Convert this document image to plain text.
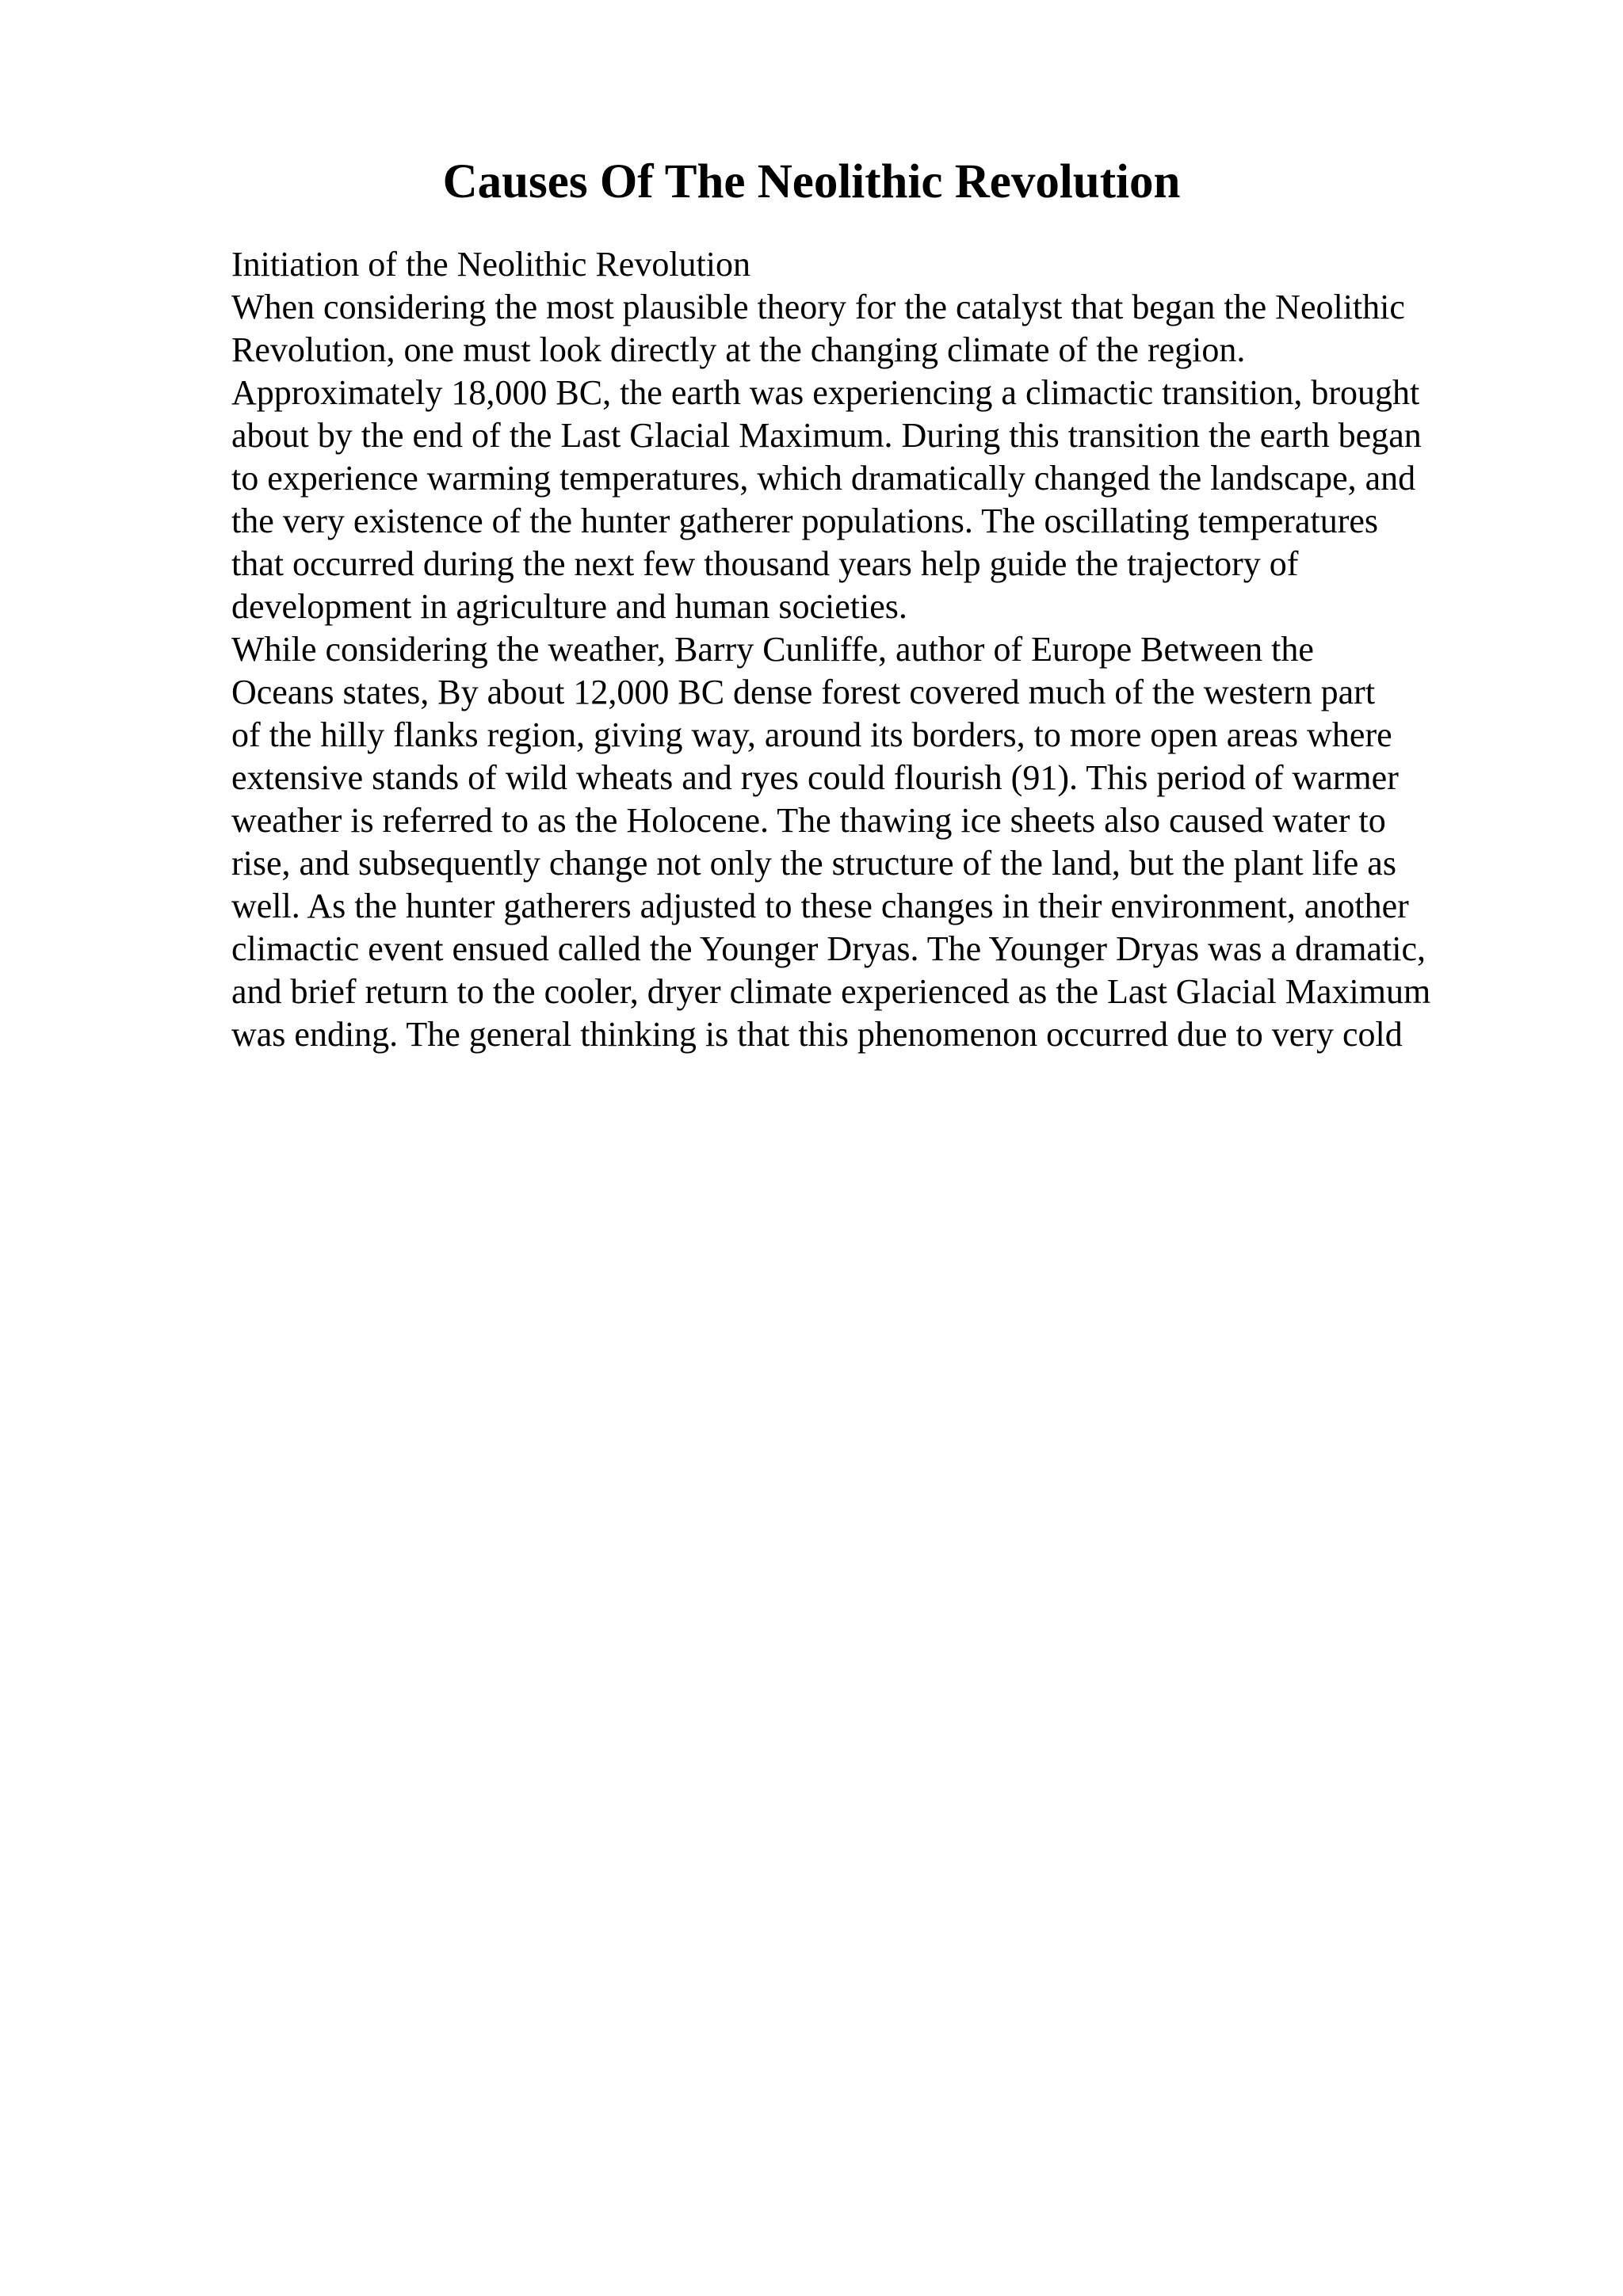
Causes Of The Neolithic Revolution
Initiation of the Neolithic Revolution
When considering the most plausible theory for the catalyst that began the Neolithic
Revolution, one must look directly at the changing climate of the region.
Approximately 18,000 BC, the earth was experiencing a climactic transition, brought
about by the end of the Last Glacial Maximum. During this transition the earth began
to experience warming temperatures, which dramatically changed the landscape, and
the very existence of the hunter gatherer populations. The oscillating temperatures
that occurred during the next few thousand years help guide the trajectory of
development in agriculture and human societies.
While considering the weather, Barry Cunliffe, author of Europe Between the
Oceans states, By about 12,000 BC dense forest covered much of the western part
of the hilly flanks region, giving way, around its borders, to more open areas where
extensive stands of wild wheats and ryes could flourish (91). This period of warmer
weather is referred to as the Holocene. The thawing ice sheets also caused water to
rise, and subsequently change not only the structure of the land, but the plant life as
well. As the hunter gatherers adjusted to these changes in their environment, another
climactic event ensued called the Younger Dryas. The Younger Dryas was a dramatic,
and brief return to the cooler, dryer climate experienced as the Last Glacial Maximum
was ending. The general thinking is that this phenomenon occurred due to very cold
